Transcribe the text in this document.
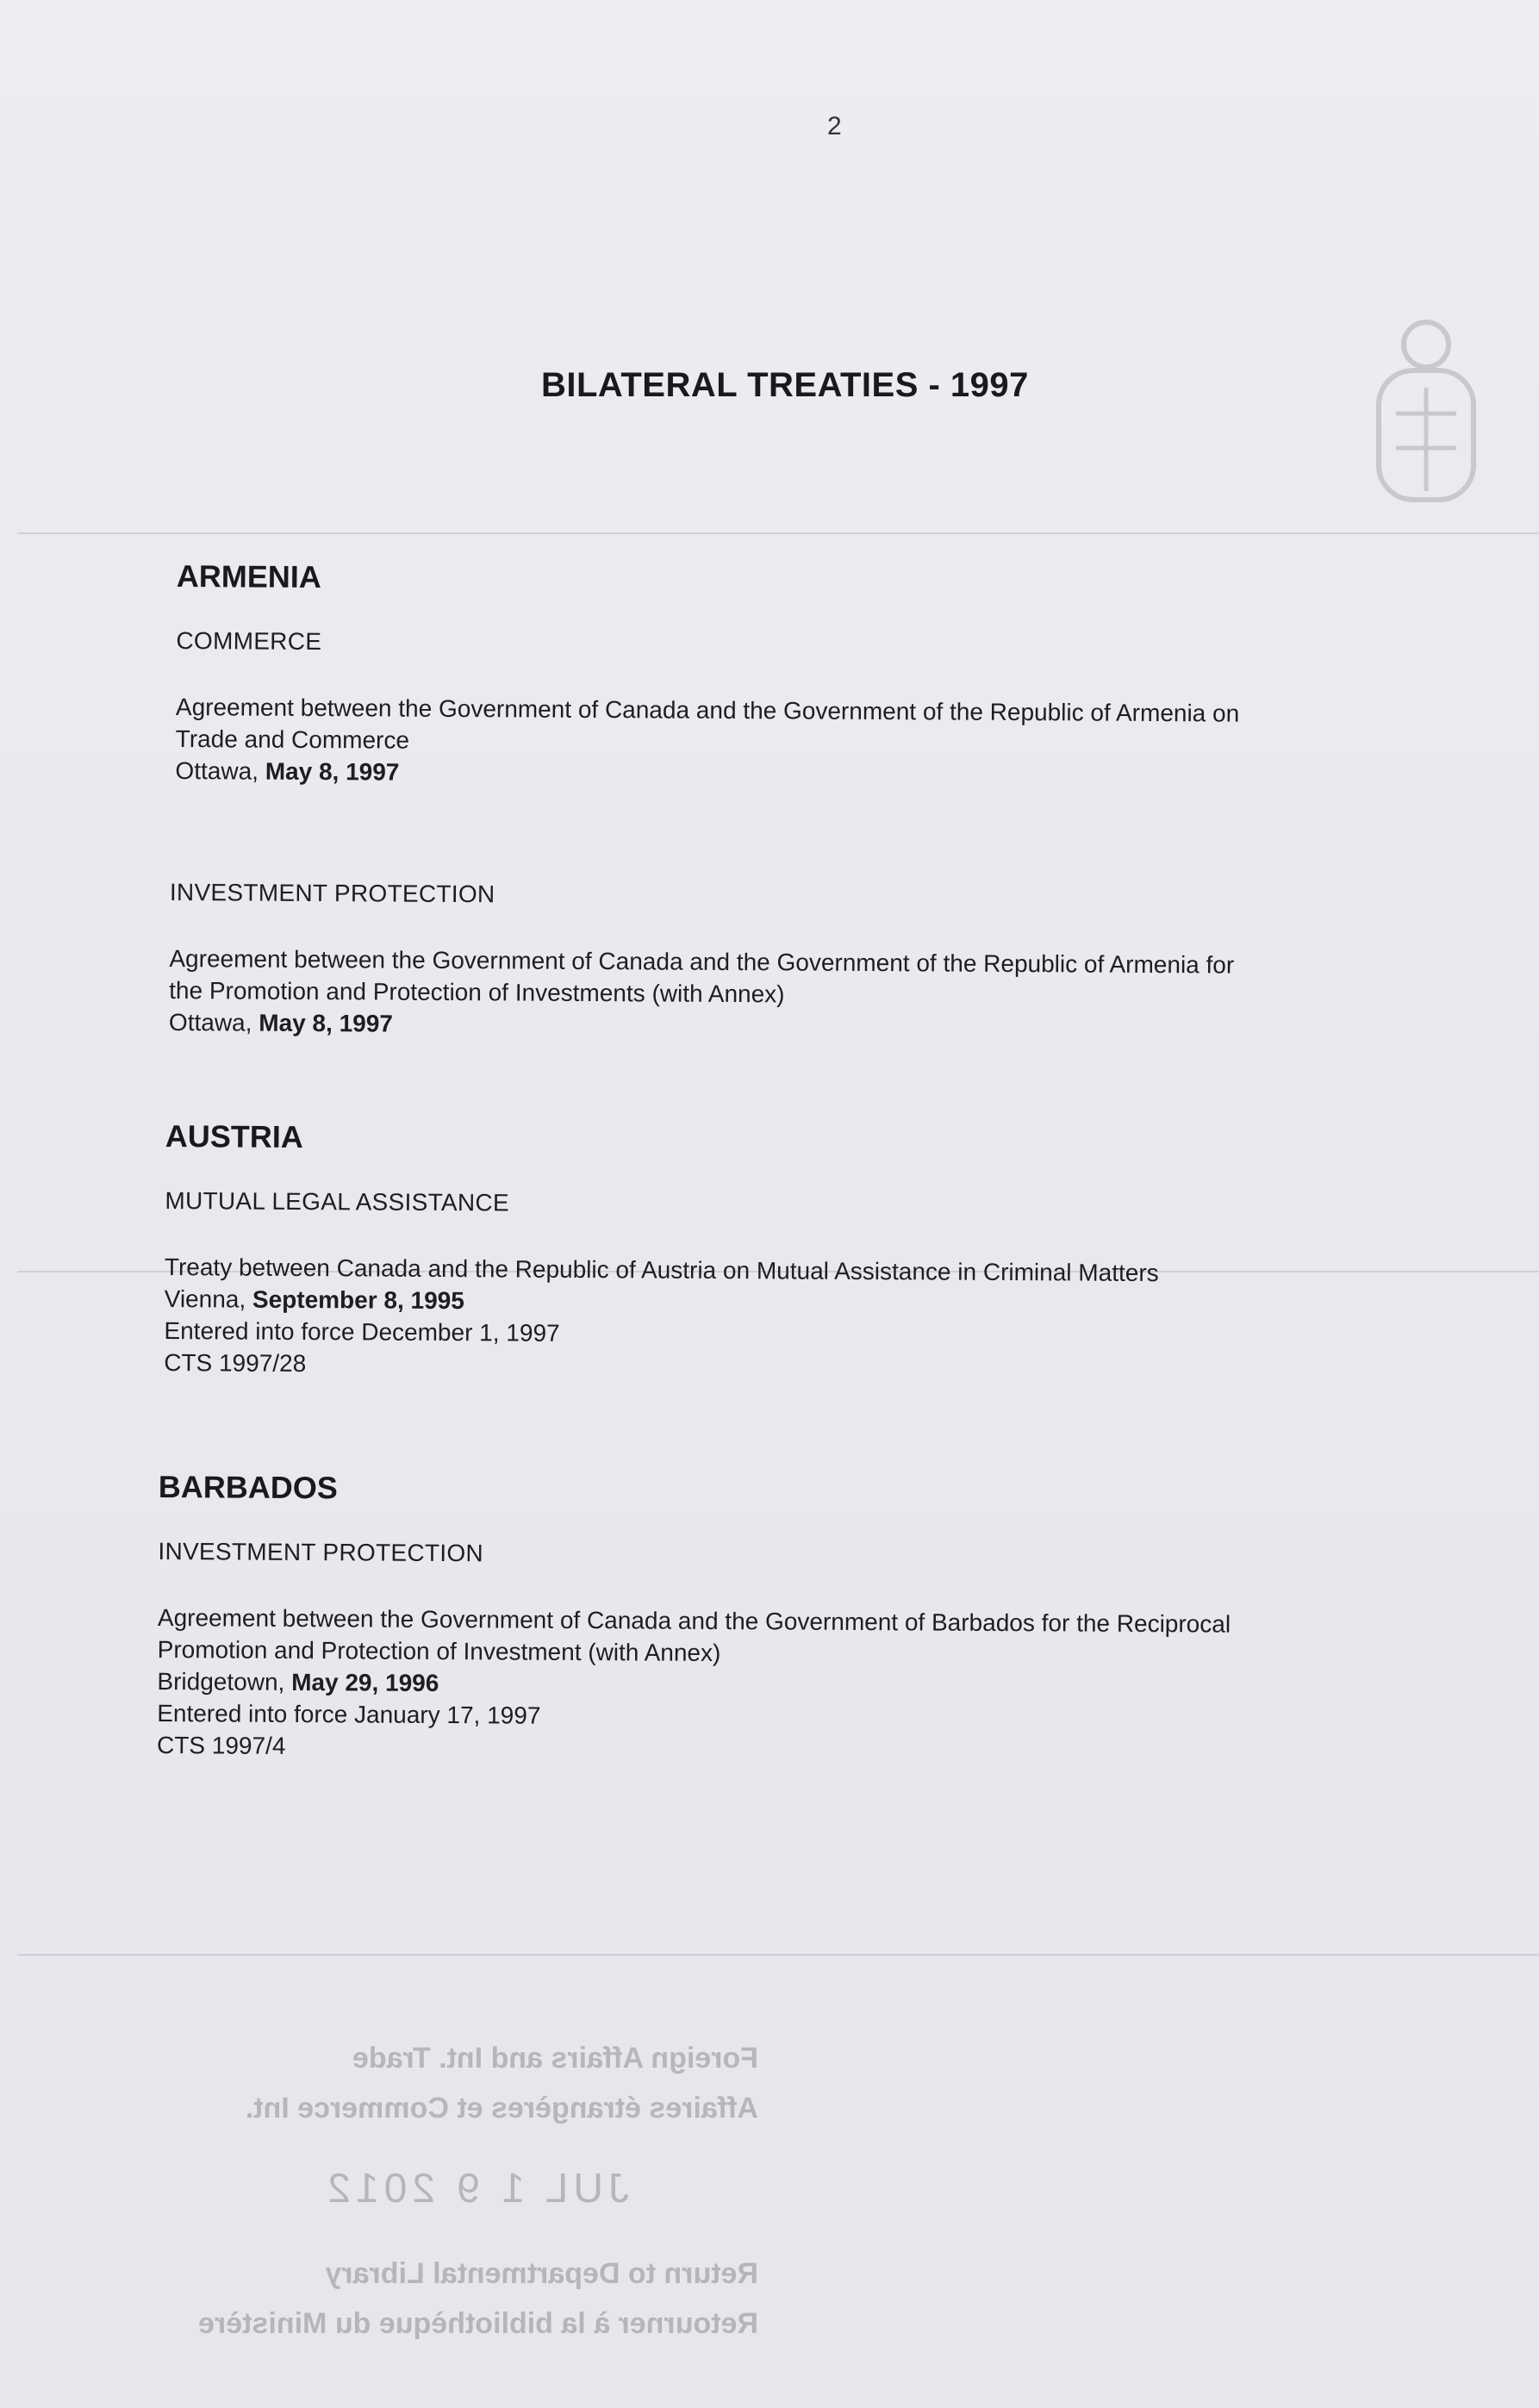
2
BILATERAL TREATIES - 1997
ARMENIA
COMMERCE
Agreement between the Government of Canada and the Government of the Republic of Armenia on
Trade and Commerce
Ottawa, May 8, 1997
INVESTMENT PROTECTION
Agreement between the Government of Canada and the Government of the Republic of Armenia for
the Promotion and Protection of Investments (with Annex)
Ottawa, May 8, 1997
AUSTRIA
MUTUAL LEGAL ASSISTANCE
Treaty between Canada and the Republic of Austria on Mutual Assistance in Criminal Matters
Vienna, September 8, 1995
Entered into force December 1, 1997
CTS 1997/28
BARBADOS
INVESTMENT PROTECTION
Agreement between the Government of Canada and the Government of Barbados for the Reciprocal
Promotion and Protection of Investment (with Annex)
Bridgetown, May 29, 1996
Entered into force January 17, 1997
CTS 1997/4
Foreign Affairs and Int. Trade
Affaires étrangères et Commerce Int.
JUL 1 9 2012
Return to Departmental Library
Retourner à la bibliothèque du Ministère
